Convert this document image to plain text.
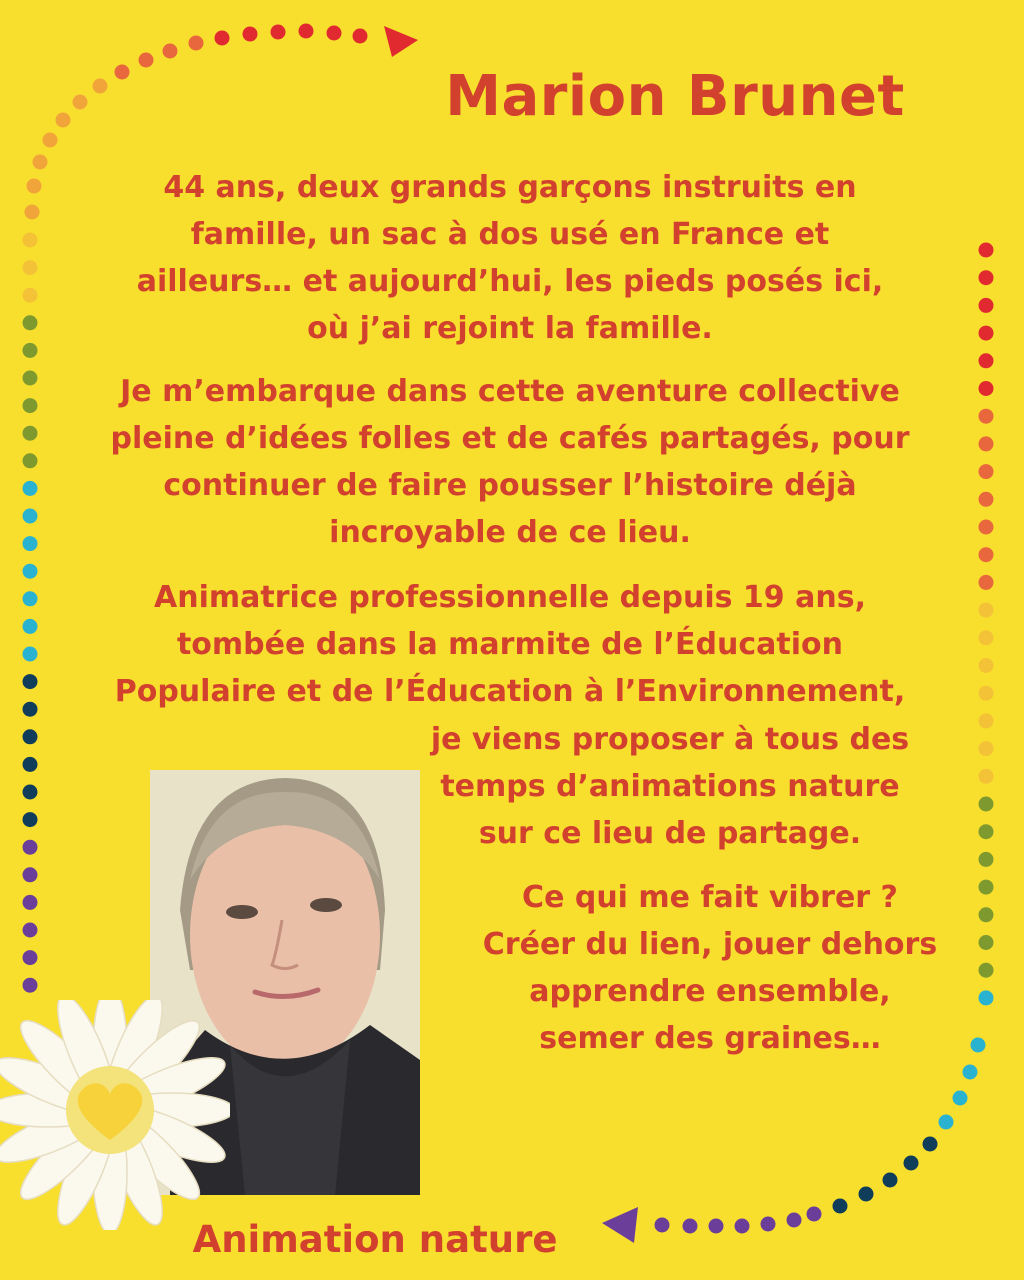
Marion Brunet
44 ans, deux grands garçons instruits en
famille, un sac à dos usé en France et
ailleurs… et aujourd’hui, les pieds posés ici,
où j’ai rejoint la famille.
Je m’embarque dans cette aventure collective
pleine d’idées folles et de cafés partagés, pour
continuer de faire pousser l’histoire déjà
incroyable de ce lieu.
Animatrice professionnelle depuis 19 ans,
tombée dans la marmite de l’Éducation
Populaire et de l’Éducation à l’Environnement,
je viens proposer à tous des
temps d’animations nature
sur ce lieu de partage.
Ce qui me fait vibrer ?
Créer du lien, jouer dehors
apprendre ensemble,
semer des graines…
Animation nature
